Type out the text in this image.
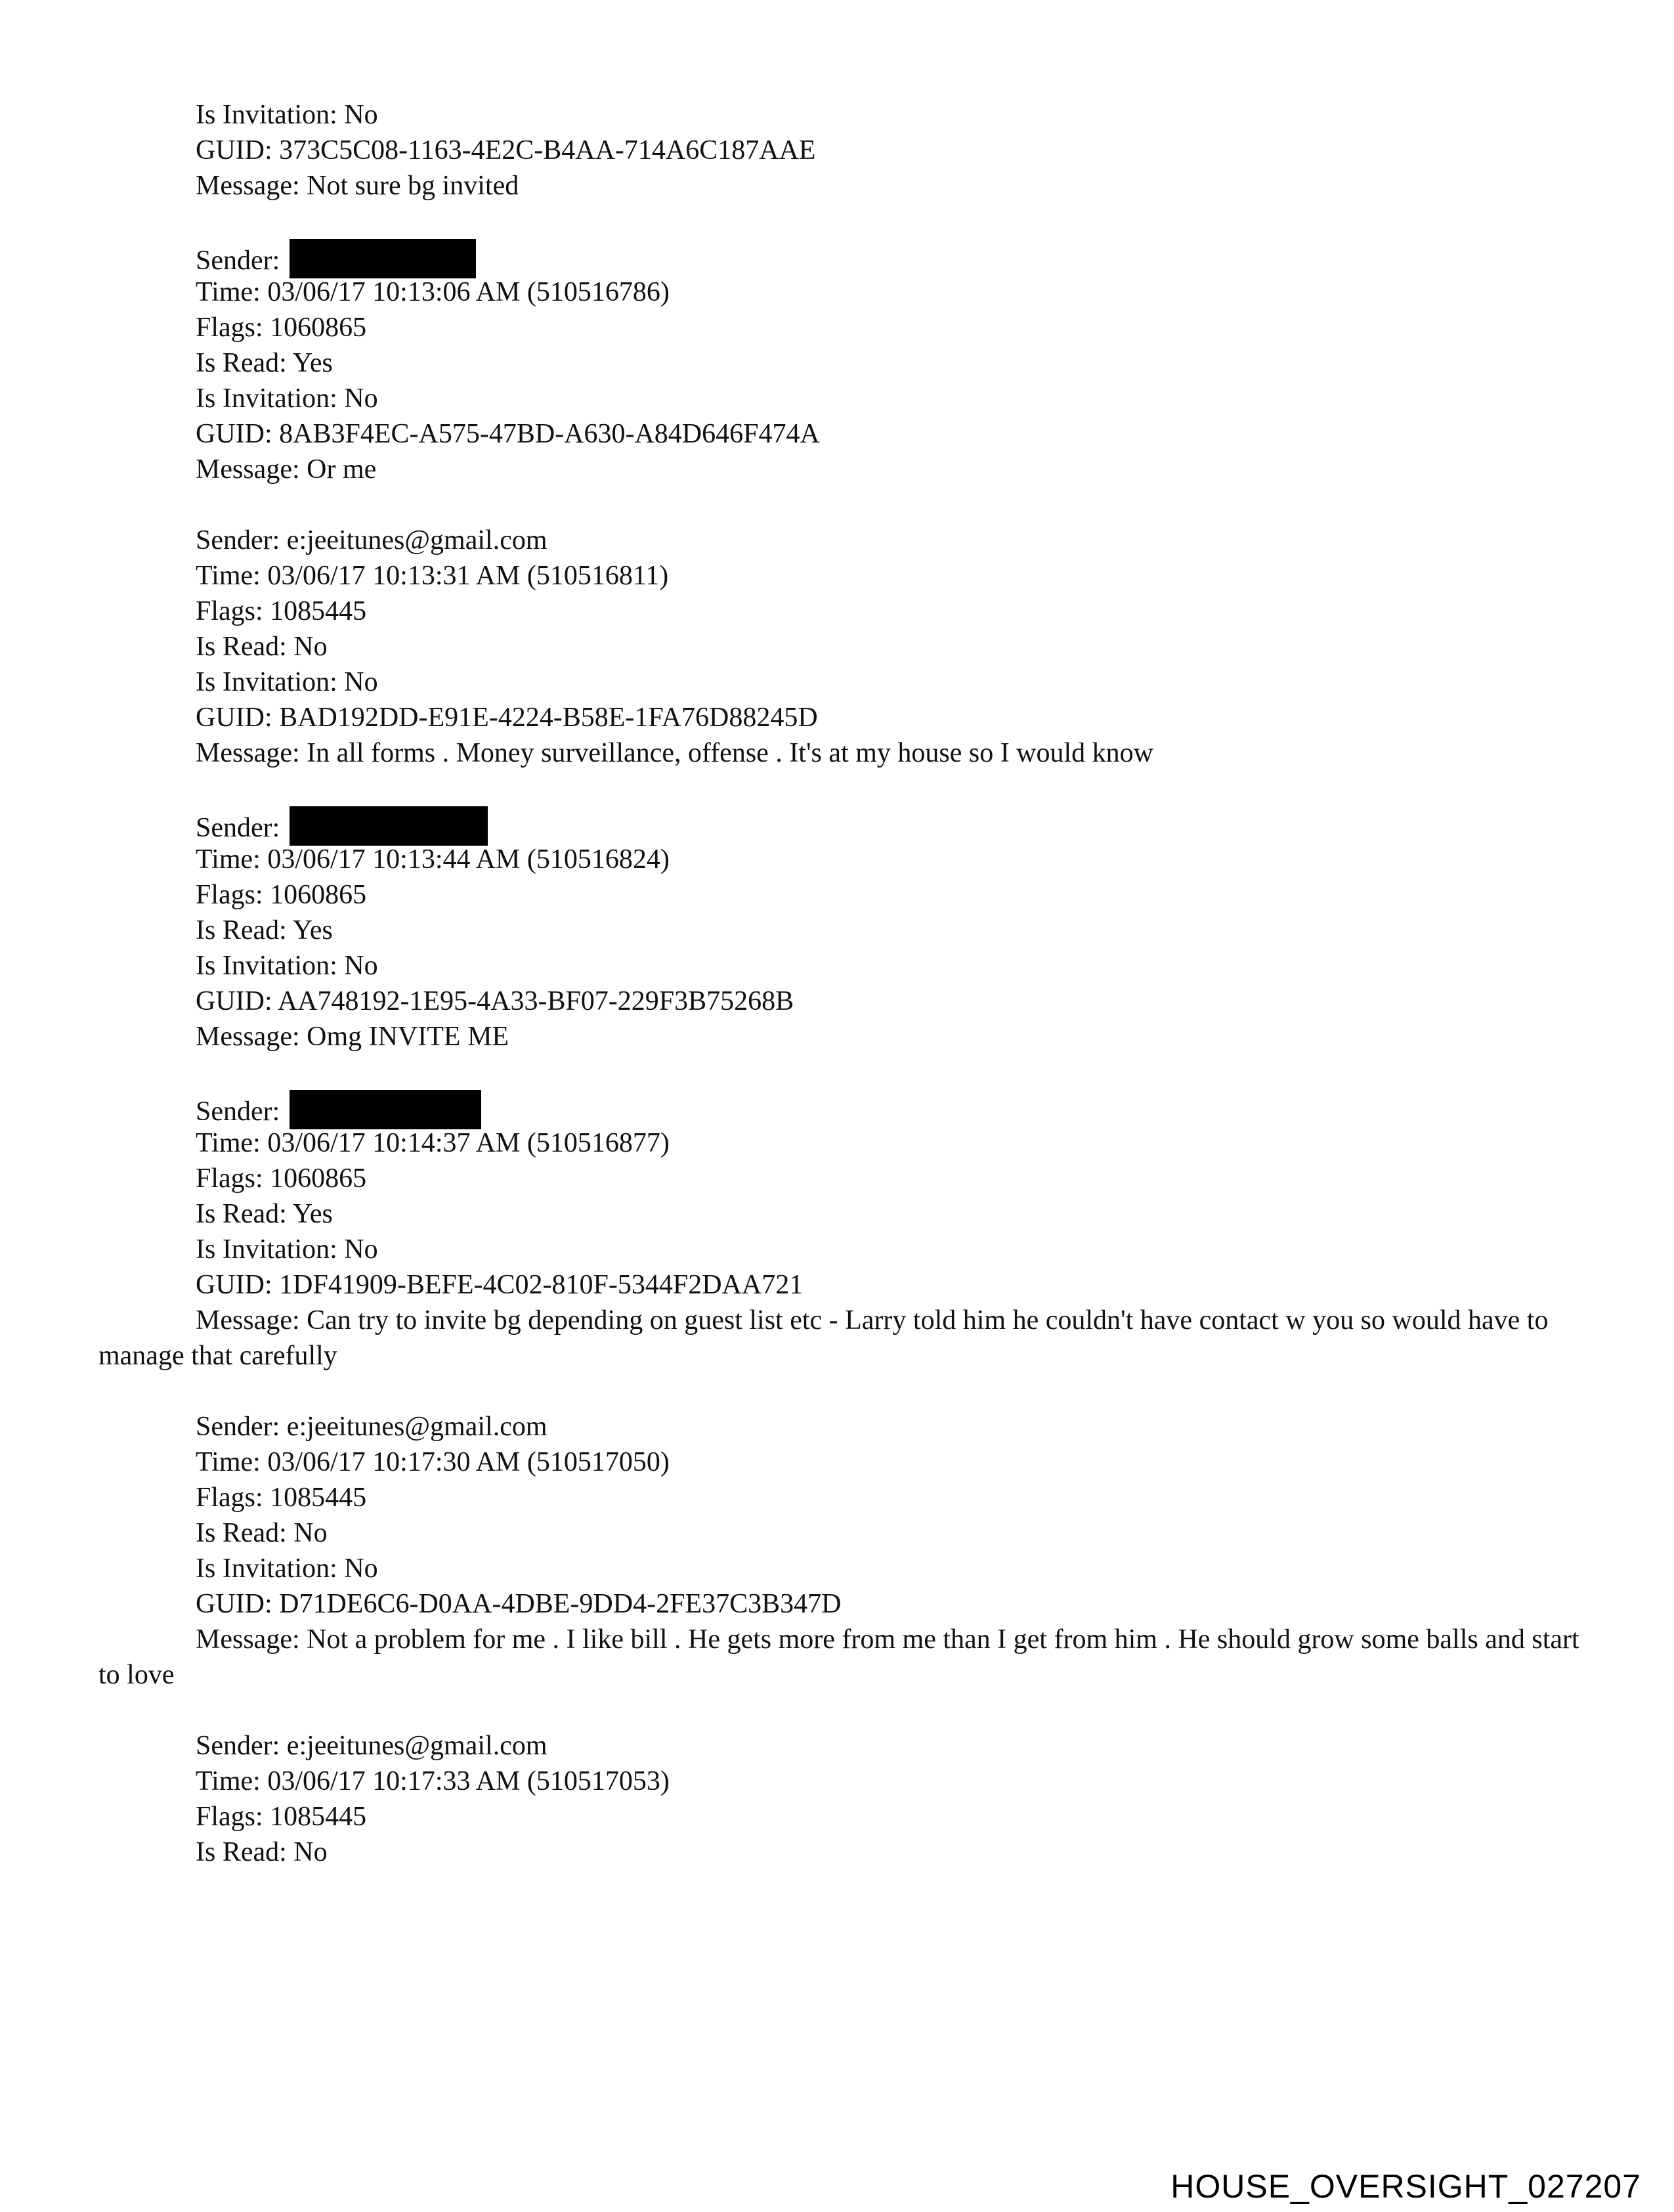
Is Invitation: No
GUID: 373C5C08-1163-4E2C-B4AA-714A6C187AAE
Message: Not sure bg invited
Sender:
Time: 03/06/17 10:13:06 AM (510516786)
Flags: 1060865
Is Read: Yes
Is Invitation: No
GUID: 8AB3F4EC-A575-47BD-A630-A84D646F474A
Message: Or me
Sender: e:jeeitunes@gmail.com
Time: 03/06/17 10:13:31 AM (510516811)
Flags: 1085445
Is Read: No
Is Invitation: No
GUID: BAD192DD-E91E-4224-B58E-1FA76D88245D
Message: In all forms . Money surveillance, offense . It's at my house so I would know
Sender:
Time: 03/06/17 10:13:44 AM (510516824)
Flags: 1060865
Is Read: Yes
Is Invitation: No
GUID: AA748192-1E95-4A33-BF07-229F3B75268B
Message: Omg INVITE ME
Sender:
Time: 03/06/17 10:14:37 AM (510516877)
Flags: 1060865
Is Read: Yes
Is Invitation: No
GUID: 1DF41909-BEFE-4C02-810F-5344F2DAA721
Message: Can try to invite bg depending on guest list etc - Larry told him he couldn't have contact w you so would have to manage that carefully
Sender: e:jeeitunes@gmail.com
Time: 03/06/17 10:17:30 AM (510517050)
Flags: 1085445
Is Read: No
Is Invitation: No
GUID: D71DE6C6-D0AA-4DBE-9DD4-2FE37C3B347D
Message: Not a problem for me . I like bill . He gets more from me than I get from him . He should grow some balls and start to love
Sender: e:jeeitunes@gmail.com
Time: 03/06/17 10:17:33 AM (510517053)
Flags: 1085445
Is Read: No
HOUSE_OVERSIGHT_027207
